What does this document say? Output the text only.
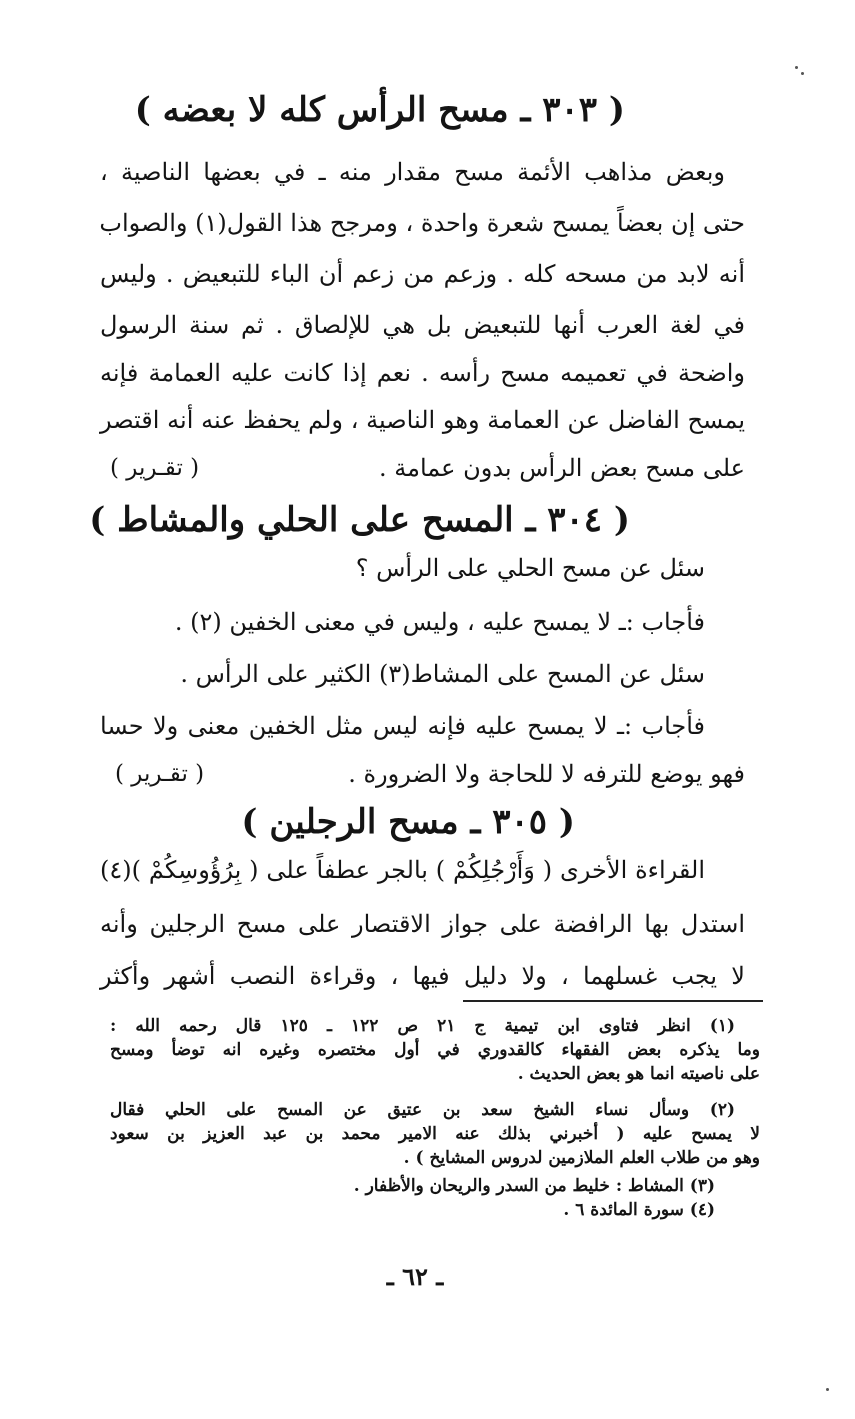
( ٣٠٣ ـ مسح الرأس كله لا بعضه )
وبعض مذاهب الأئمة مسح مقدار منه ـ في بعضها الناصية ،
حتى إن بعضاً يمسح شعرة واحدة ، ومرجح هذا القول(١) والصواب
أنه لابد من مسحه كله . وزعم من زعم أن الباء للتبعيض . وليس
في لغة العرب أنها للتبعيض بل هي للإلصاق . ثم سنة الرسول
واضحة في تعميمه مسح رأسه . نعم إذا كانت عليه العمامة فإنه
يمسح الفاضل عن العمامة وهو الناصية ، ولم يحفظ عنه أنه اقتصر
على مسح بعض الرأس بدون عمامة .
( تقـرير )
( ٣٠٤ ـ المسح على الحلي والمشاط )
سئل عن مسح الحلي على الرأس ؟
فأجاب :ـ لا يمسح عليه ، وليس في معنى الخفين (٢) .
سئل عن المسح على المشاط(٣) الكثير على الرأس .
فأجاب :ـ لا يمسح عليه فإنه ليس مثل الخفين معنى ولا حسا
فهو يوضع للترفه لا للحاجة ولا الضرورة .
( تقـرير )
( ٣٠٥ ـ مسح الرجلين )
القراءة الأخرى ( وَأَرْجُلِكُمْ ) بالجر عطفاً على ( بِرُؤُوسِكُمْ )(٤)
استدل بها الرافضة على جواز الاقتصار على مسح الرجلين وأنه
لا يجب غسلهما ، ولا دليل فيها ، وقراءة النصب أشهر وأكثر
(١) انظر فتاوى ابن تيمية ج ٢١ ص ١٢٢ ـ ١٢٥ قال رحمه الله :
وما يذكره بعض الفقهاء كالقدوري في أول مختصره وغيره انه توضأ ومسح
على ناصيته انما هو بعض الحديث .
(٢) وسأل نساء الشيخ سعد بن عتيق عن المسح على الحلي فقال
لا يمسح عليه ( أخبرني بذلك عنه الامير محمد بن عبد العزيز بن سعود
وهو من طلاب العلم الملازمين لدروس المشايخ ) .
(٣) المشاط : خليط من السدر والريحان والأظفار .
(٤) سورة المائدة ٦ .
ـ ٦٢ ـ
